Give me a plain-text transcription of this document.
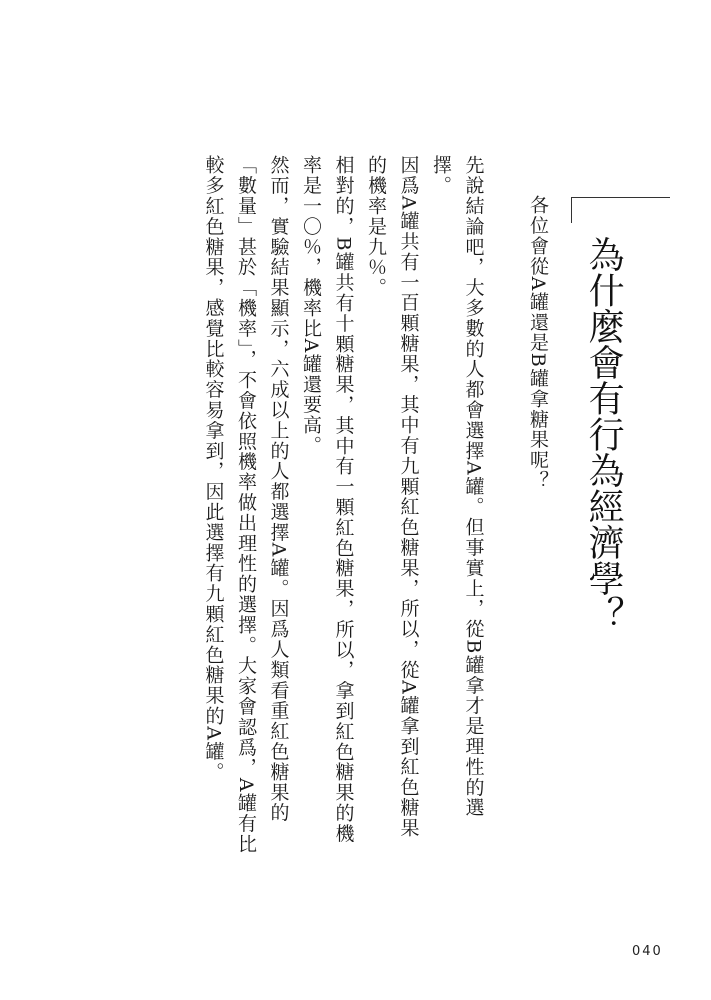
為什麼會有行為經濟學？

各位會從A罐還是B罐拿糖果呢？

先說結論吧，大多數的人都會選擇A罐。但事實上，從B罐拿才是理性的選擇。

因爲A罐共有一百顆糖果，其中有九顆紅色糖果，所以，從A罐拿到紅色糖果的機率是九％。

相對的，B罐共有十顆糖果，其中有一顆紅色糖果，所以，拿到紅色糖果的機率是一〇％，機率比A罐還要高。

然而，實驗結果顯示，六成以上的人都選擇A罐。因爲人類看重紅色糖果的「數量」甚於「機率」，不會依照機率做出理性的選擇。大家會認爲，A罐有比較多紅色糖果，感覺比較容易拿到，因此選擇有九顆紅色糖果的A罐。

040
